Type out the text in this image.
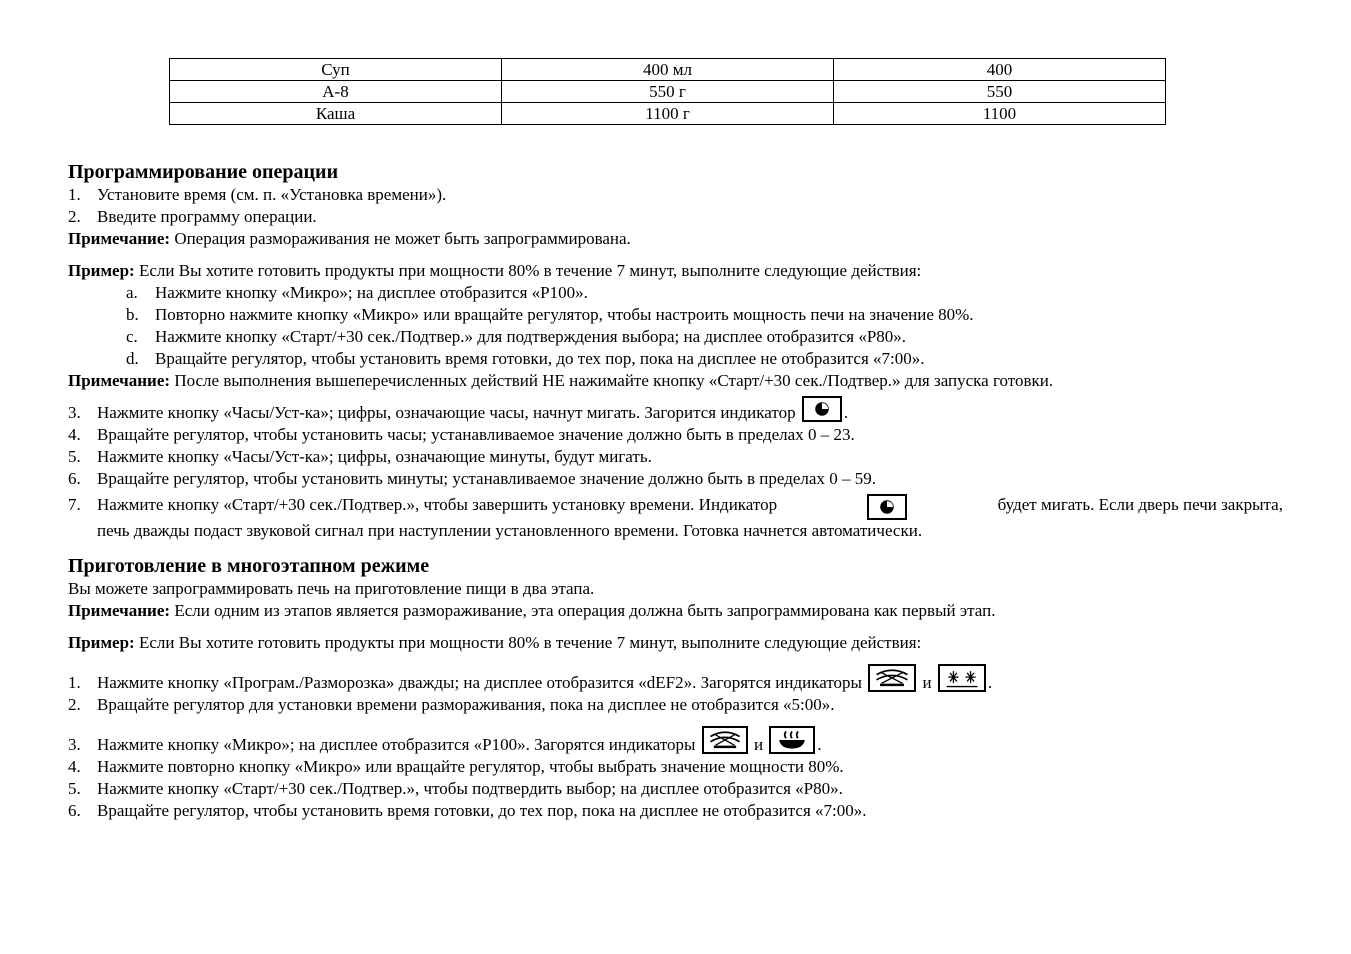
Суп	400 мл	400
А-8	550 г	550
Каша	1100 г	1100

Программирование операции

1. Установите время (см. п. «Установка времени»).

2. Введите программу операции.

Примечание: Операция размораживания не может быть запрограммирована.

Пример: Если Вы хотите готовить продукты при мощности 80% в течение 7 минут, выполните следующие действия:

a. Нажмите кнопку «Микро»; на дисплее отобразится «P100».

b. Повторно нажмите кнопку «Микро» или вращайте регулятор, чтобы настроить мощность печи на значение 80%.

c. Нажмите кнопку «Старт/+30 сек./Подтвер.» для подтверждения выбора; на дисплее отобразится «P80».

d. Вращайте регулятор, чтобы установить время готовки, до тех пор, пока на дисплее не отобразится «7:00».

Примечание: После выполнения вышеперечисленных действий НЕ нажимайте кнопку «Старт/+30 сек./Подтвер.» для запуска готовки.

3. Нажмите кнопку «Часы/Уст-ка»; цифры, означающие часы, начнут мигать. Загорится индикатор	.

4. Вращайте регулятор, чтобы установить часы; устанавливаемое значение должно быть в пределах 0 – 23.

5. Нажмите кнопку «Часы/Уст-ка»; цифры, означающие минуты, будут мигать.

6. Вращайте регулятор, чтобы установить минуты; устанавливаемое значение должно быть в пределах 0 – 59.

7. Нажмите кнопку «Старт/+30 сек./Подтвер.», чтобы завершить установку времени. Индикатор	будет мигать. Если дверь печи закрыта,

печь дважды подаст звуковой сигнал при наступлении установленного времени. Готовка начнется автоматически.

Приготовление в многоэтапном режиме

Вы можете запрограммировать печь на приготовление пищи в два этапа.

Примечание: Если одним из этапов является размораживание, эта операция должна быть запрограммирована как первый этап.

Пример: Если Вы хотите готовить продукты при мощности 80% в течение 7 минут, выполните следующие действия:

1. Нажмите кнопку «Програм./Разморозка» дважды; на дисплее отобразится «dEF2». Загорятся индикаторы	и	.

2. Вращайте регулятор для установки времени размораживания, пока на дисплее не отобразится «5:00».

3. Нажмите кнопку «Микро»; на дисплее отобразится «P100». Загорятся индикаторы	и	.

4. Нажмите повторно кнопку «Микро» или вращайте регулятор, чтобы выбрать значение мощности 80%.

5. Нажмите кнопку «Старт/+30 сек./Подтвер.», чтобы подтвердить выбор; на дисплее отобразится «P80».

6. Вращайте регулятор, чтобы установить время готовки, до тех пор, пока на дисплее не отобразится «7:00».
